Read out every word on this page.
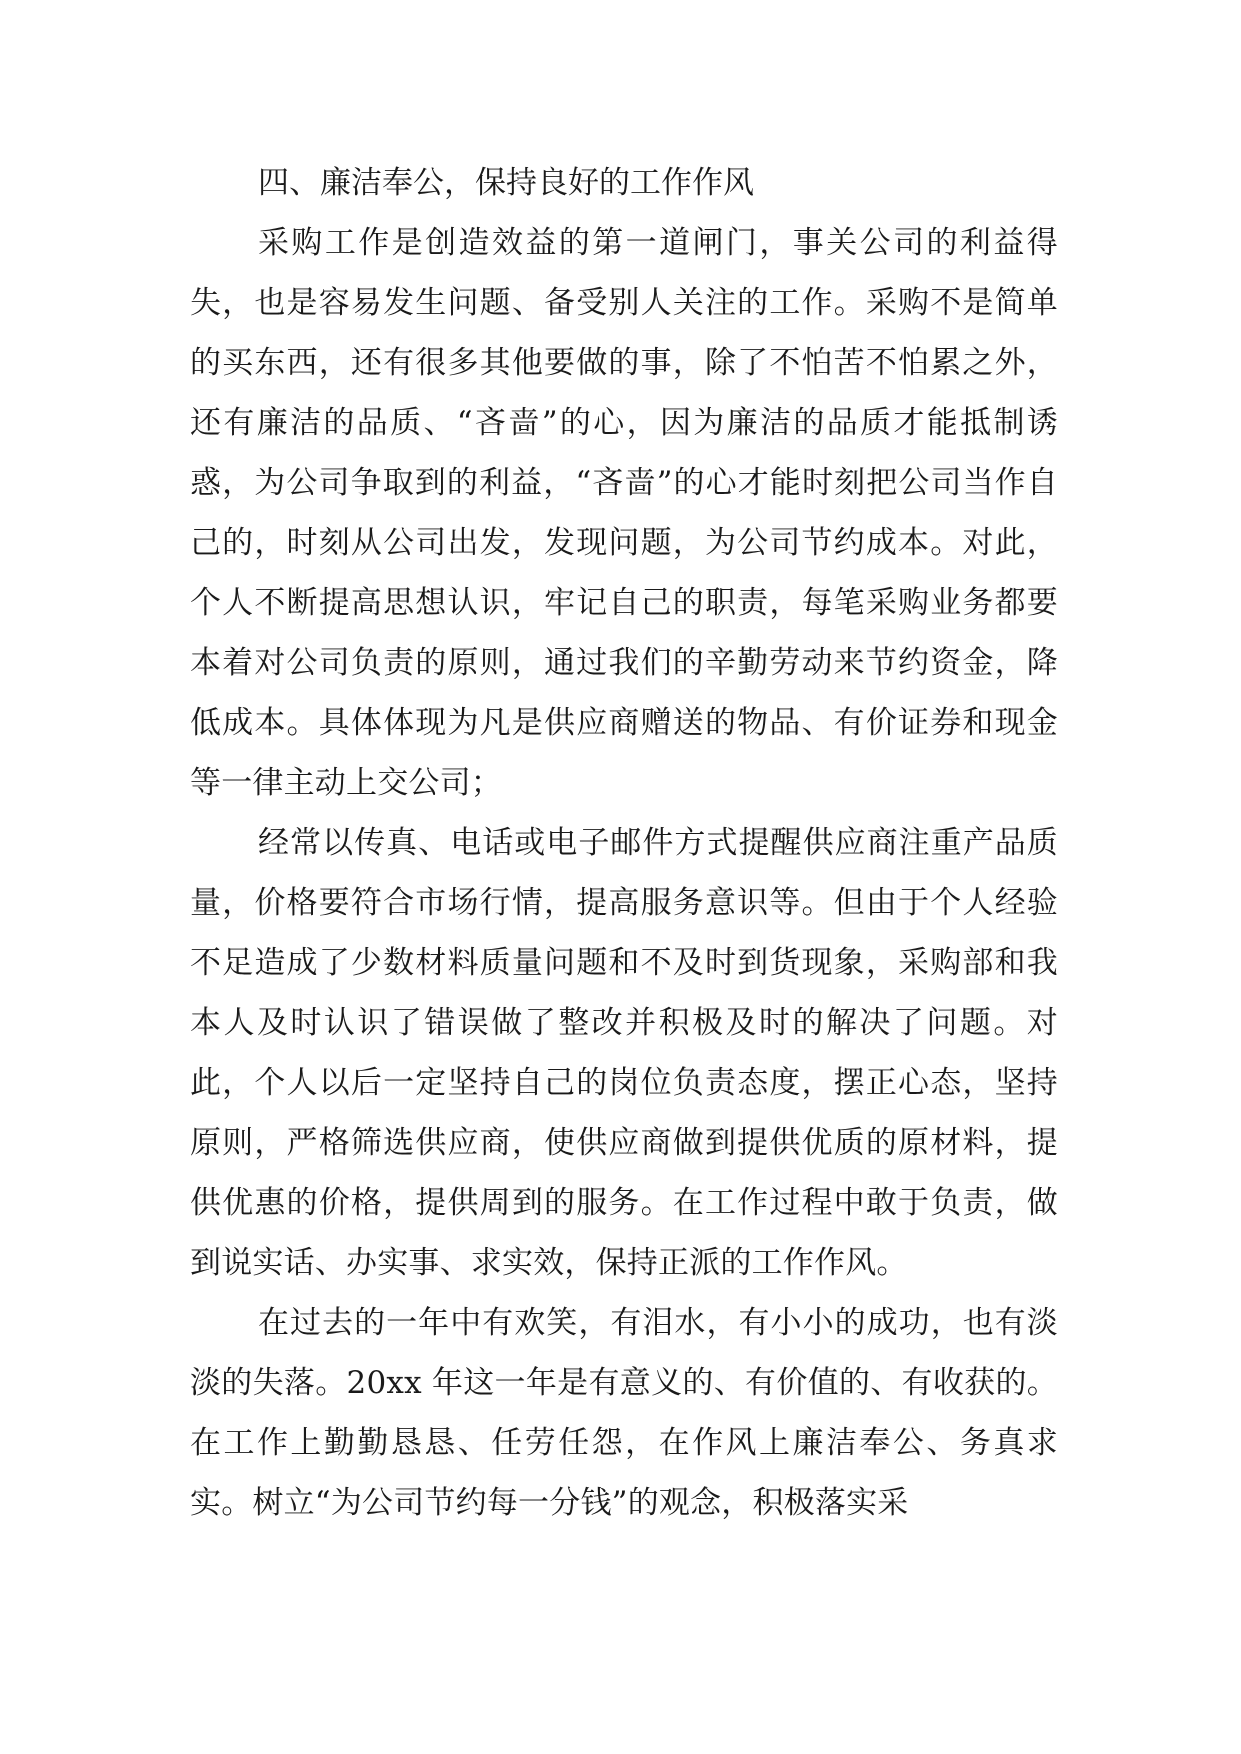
四、廉洁奉公，保持良好的工作作风

采购工作是创造效益的第一道闸门，事关公司的利益得失，也是容易发生问题、备受别人关注的工作。采购不是简单的买东西，还有很多其他要做的事，除了不怕苦不怕累之外，还有廉洁的品质、“吝啬”的心，因为廉洁的品质才能抵制诱惑，为公司争取到的利益，“吝啬”的心才能时刻把公司当作自己的，时刻从公司出发，发现问题，为公司节约成本。对此，个人不断提高思想认识，牢记自己的职责，每笔采购业务都要本着对公司负责的原则，通过我们的辛勤劳动来节约资金，降低成本。具体体现为凡是供应商赠送的物品、有价证券和现金等一律主动上交公司；

经常以传真、电话或电子邮件方式提醒供应商注重产品质量，价格要符合市场行情，提高服务意识等。但由于个人经验不足造成了少数材料质量问题和不及时到货现象，采购部和我本人及时认识了错误做了整改并积极及时的解决了问题。对此，个人以后一定坚持自己的岗位负责态度，摆正心态，坚持原则，严格筛选供应商，使供应商做到提供优质的原材料，提供优惠的价格，提供周到的服务。在工作过程中敢于负责，做到说实话、办实事、求实效，保持正派的工作作风。

在过去的一年中有欢笑，有泪水，有小小的成功，也有淡淡的失落。20xx 年这一年是有意义的、有价值的、有收获的。在工作上勤勤恳恳、任劳任怨，在作风上廉洁奉公、务真求实。树立“为公司节约每一分钱”的观念，积极落实采
